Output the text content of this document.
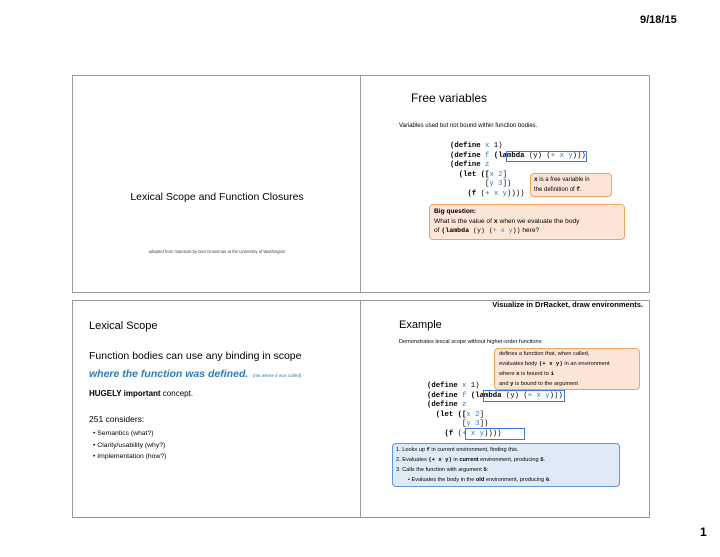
9/18/15
Lexical Scope and Function Closures
adapted from materials by Dan Grossman at the University of Washington
Free variables
Variables used but not bound within function bodies.
(define x 1)
(define f (lambda (y) (+ x y)))
(define z
(let ([x 2]
[y 3])
(f (+ x y))))
x is a free variable in
the definition of f.
Big question:
What is the value of x when we evaluate the body
of (lambda (y) (+ x y)) here?
Lexical Scope
Function bodies can use any binding in scope
where the function was defined. (not where it was called)
HUGELY important concept.
251 considers:
• Semantics (what?)
• Clarity/usability (why?)
• Implementation (how?)
Visualize in DrRacket, draw environments.
Example
Demonstrates lexcal scope without higher-order functions:
defines a function that, when called,
evaluates body (+ x y) in an environment
where x is bound to 1
and y is bound to the argument
(define x 1)
(define f (lambda (y) (+ x y)))
(define z
(let ([x 2]
[y 3])
(f (+ x y))))
1. Looks up f in current environment, finding this.
2. Evaluates (+ x y) in current environment, producing 5.
3. Calls the function with argument 5:
• Evaluates the body in the old environment, producing 6.
1
